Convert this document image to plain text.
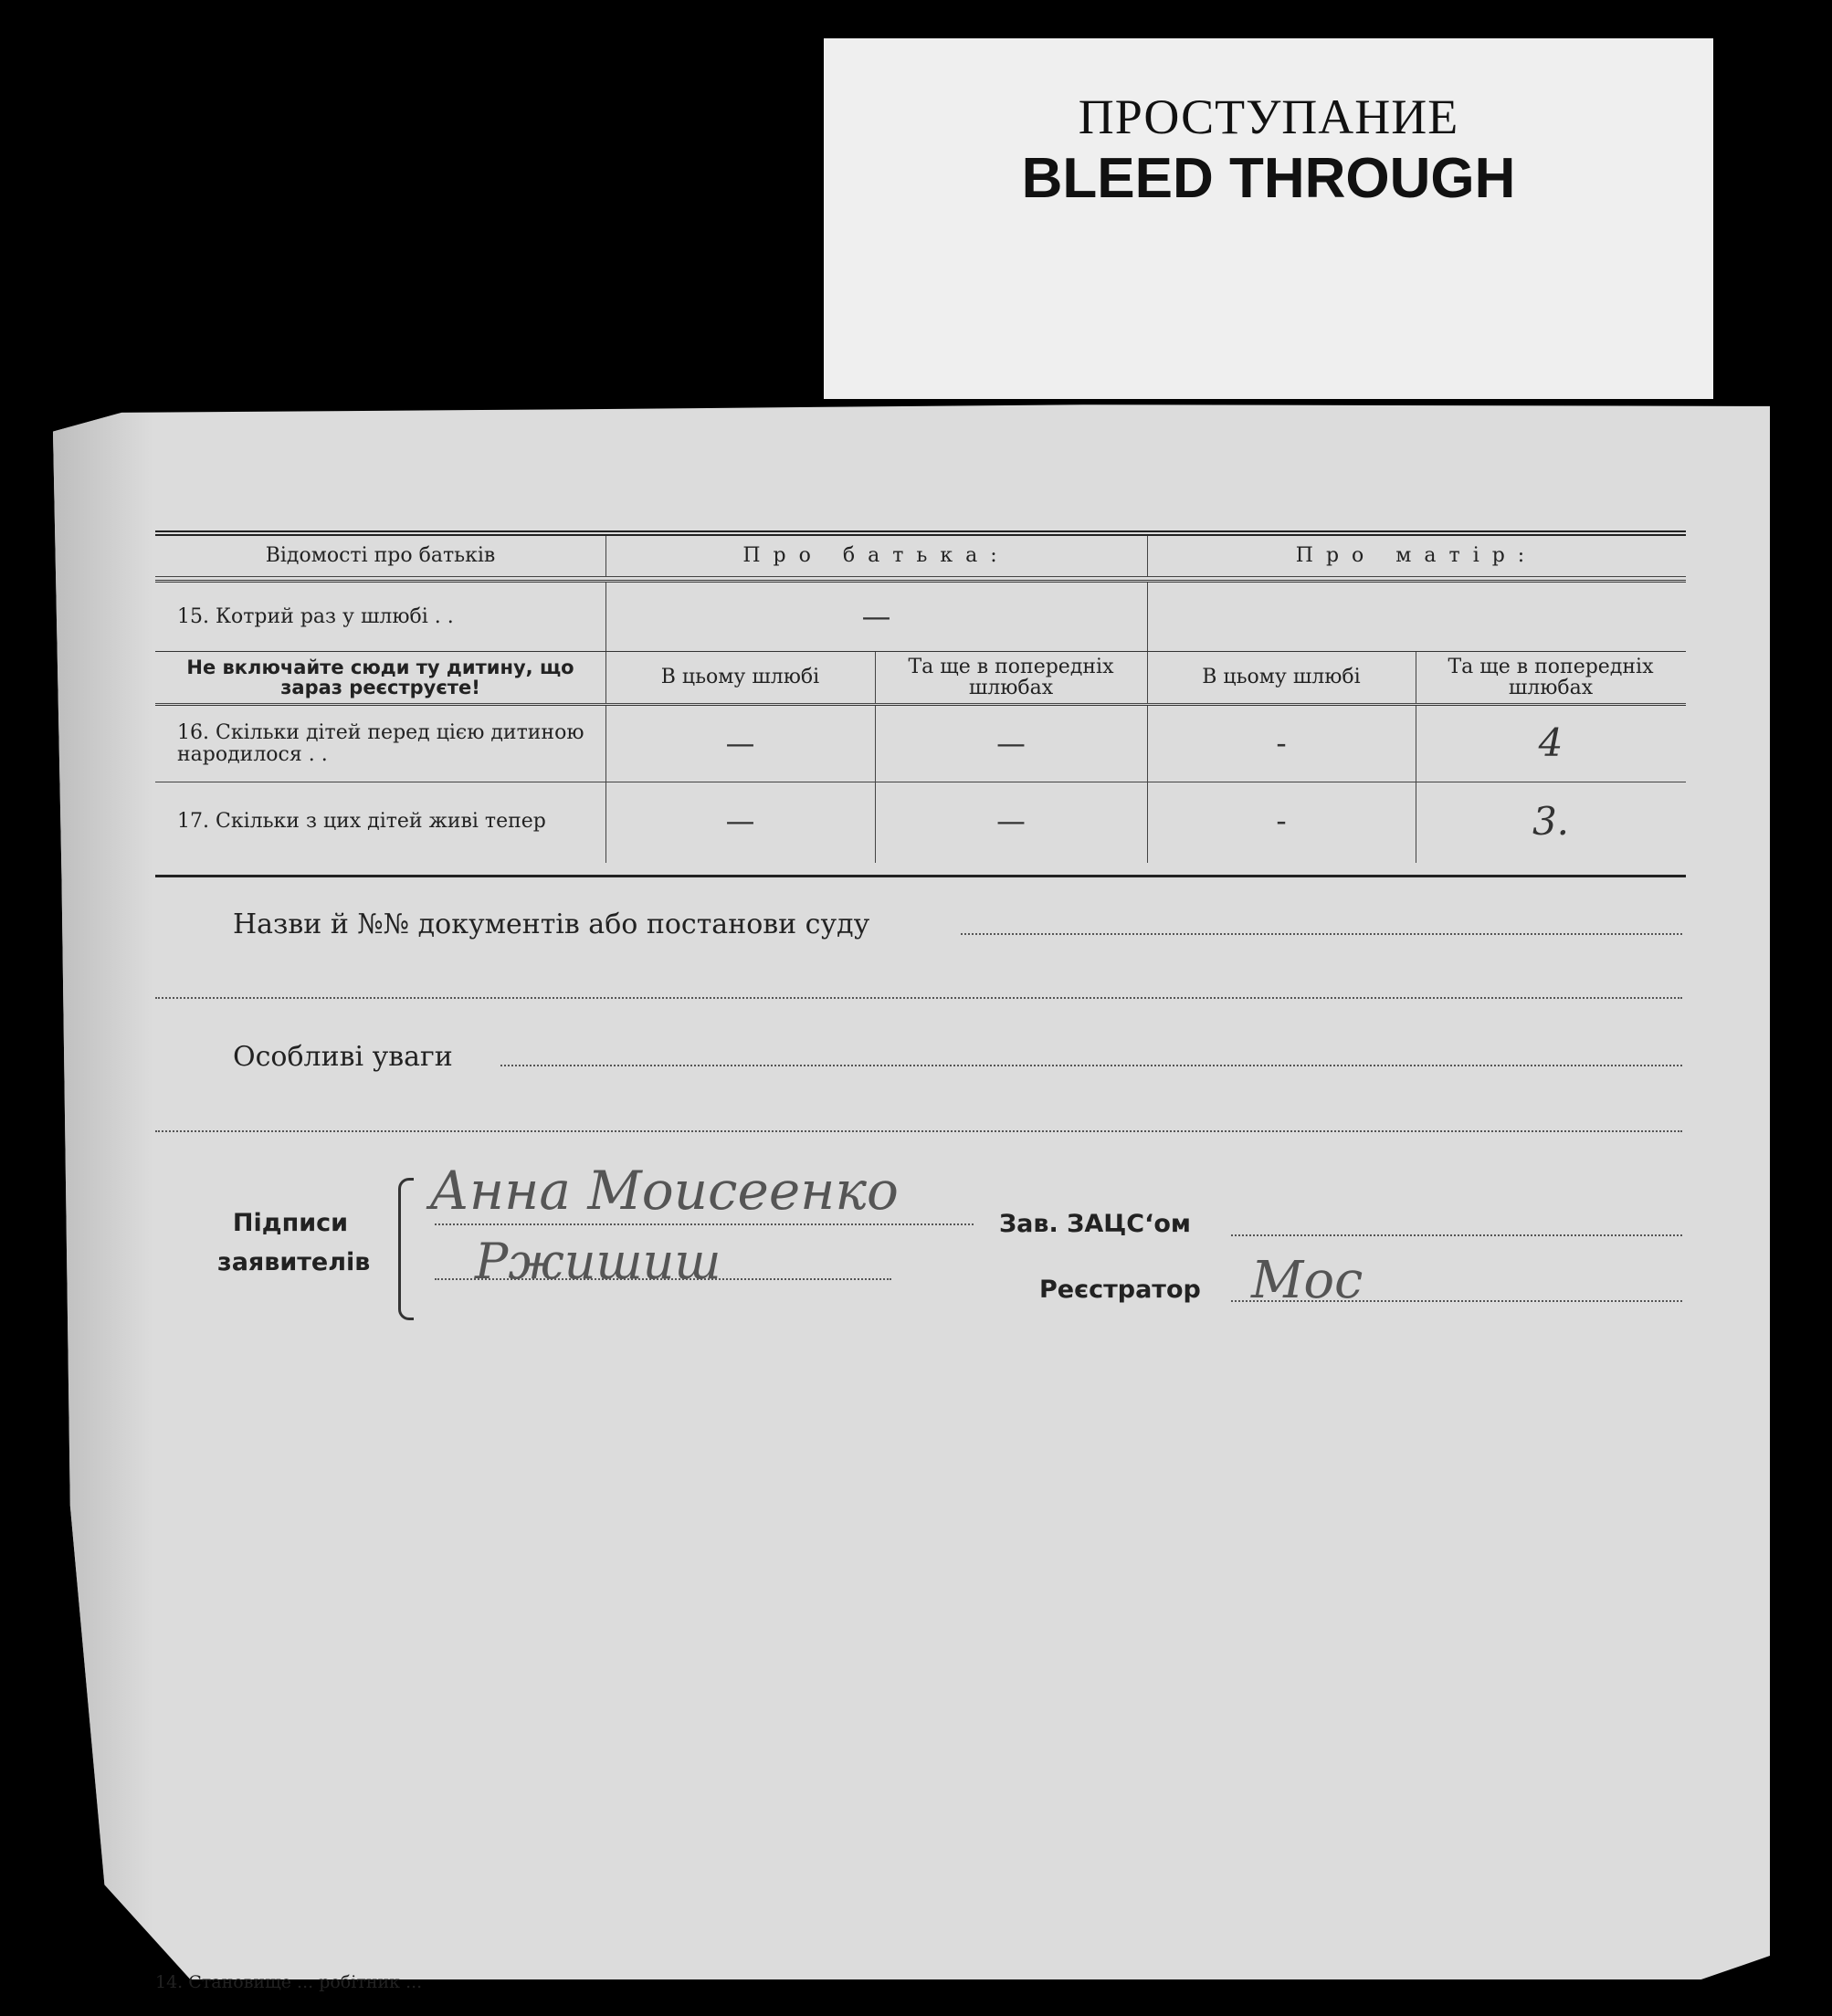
ПРОСТУПАНИЕ
BLEED THROUGH
Відомості про батьків	Про батька:	Про матір:
15. Котрий раз у шлюбі . .	—
Не включайте сюди ту дитину, що зараз реєструєте!	В цьому шлюбі	Та ще в попередніх шлюбах	В цьому шлюбі	Та ще в попередніх шлюбах
16. Скільки дітей перед цією дитиною народилося . .	—	—	-	4
17. Скільки з цих дітей живі тепер	—	—	-	3.
Назви й №№ документів або постанови суду
Особливі уваги
Підписи заявителів
Анна Моисеенко
Ржишиш
Зав. ЗАЦС‘ом
Реєстратор Мос
14. Становище ... робітник ...
